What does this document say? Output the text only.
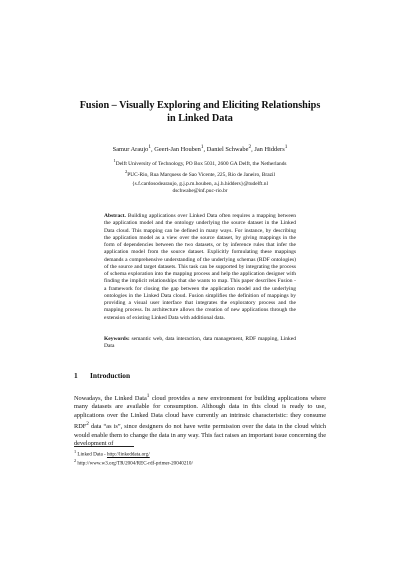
Fusion – Visually Exploring and Eliciting Relationships
in Linked Data

Samur Araujo$^1$, Geert-Jan Houben$^1$, Daniel Schwabe$^2$, Jan Hidders$^1$

$^1$Delft University of Technology, PO Box 5031, 2600 GA Delft, the Netherlands
$^2$PUC-Rio, Rua Marquess de Sao Vicente, 225, Rio de Janeiro, Brazil

{s.f.cardosodearaujo, g.j.p.m.houben, a.j.h.hidders}@tudelft.nl
dschwabe@inf.puc-rio.br

Abstract. Building applications over Linked Data often requires a mapping between the application model and the ontology underlying the source dataset in the Linked Data cloud. This mapping can be defined in many ways. For instance, by describing the application model as a view over the source dataset, by giving mappings in the form of dependencies between the two datasets, or by inference rules that infer the application model from the source dataset. Explicitly formulating these mappings demands a comprehensive understanding of the underlying schemas (RDF ontologies) of the source and target datasets. This task can be supported by integrating the process of schema exploration into the mapping process and help the application designer with finding the implicit relationships that she wants to map. This paper describes Fusion - a framework for closing the gap between the application model and the underlying ontologies in the Linked Data cloud. Fusion simplifies the definition of mappings by providing a visual user interface that integrates the exploratory process and the mapping process. Its architecture allows the creation of new applications through the extension of existing Linked Data with additional data.

Keywords: semantic web, data interaction, data management, RDF mapping, Linked Data

1 Introduction

Nowadays, the Linked Data$^1$ cloud provides a new environment for building applications where many datasets are available for consumption. Although data in this cloud is ready to use, applications over the Linked Data cloud have currently an intrinsic characteristic: they consume RDF$^2$ data “as is”, since designers do not have write permission over the data in the cloud which would enable them to change the data in any way. This fact raises an important issue concerning the development of

$^1$ Linked Data - http://linkeddata.org/
$^2$ http://www.w3.org/TR/2004/REC-rdf-primer-20040210/
